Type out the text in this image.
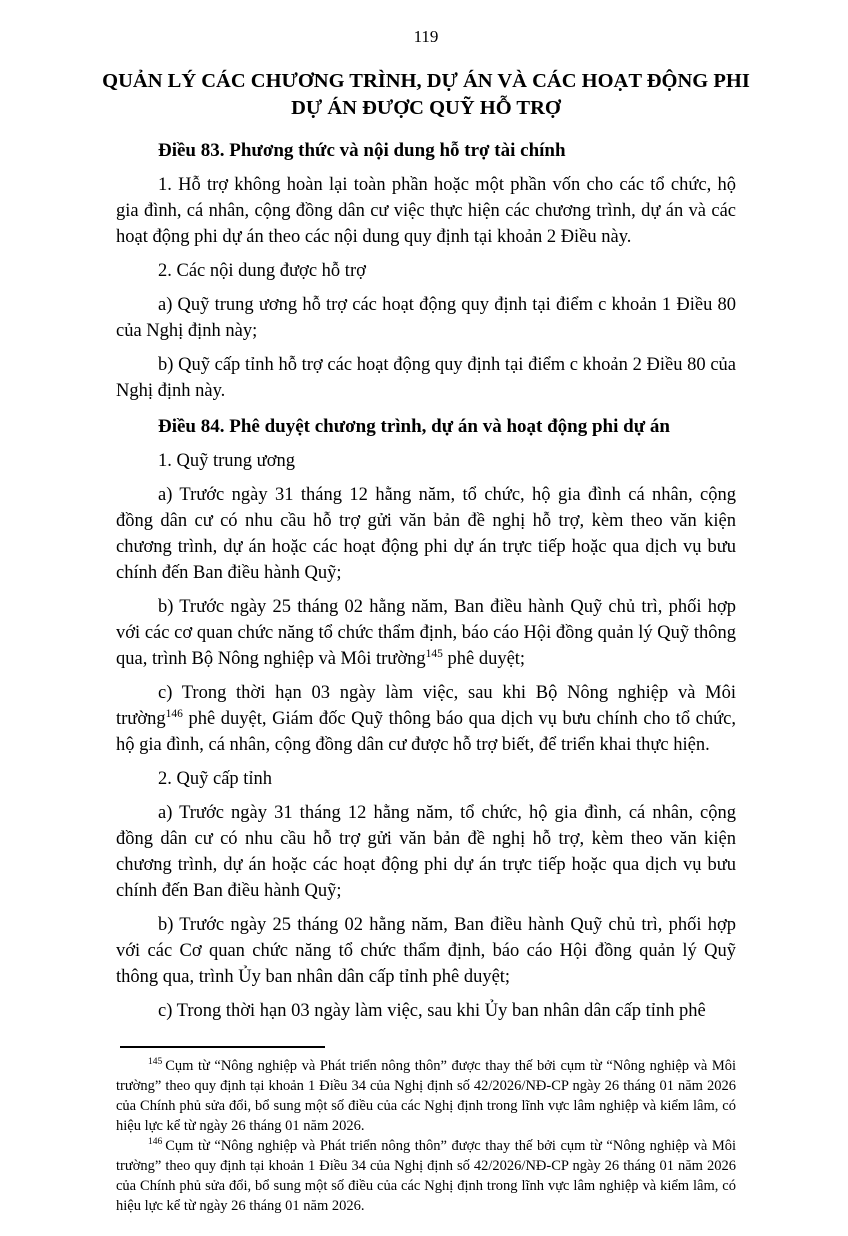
119
QUẢN LÝ CÁC CHƯƠNG TRÌNH, DỰ ÁN VÀ CÁC HOẠT ĐỘNG PHI
DỰ ÁN ĐƯỢC QUỸ HỖ TRỢ
Điều 83. Phương thức và nội dung hỗ trợ tài chính

1. Hỗ trợ không hoàn lại toàn phần hoặc một phần vốn cho các tổ chức, hộ gia đình, cá nhân, cộng đồng dân cư việc thực hiện các chương trình, dự án và các hoạt động phi dự án theo các nội dung quy định tại khoản 2 Điều này.

2. Các nội dung được hỗ trợ

a) Quỹ trung ương hỗ trợ các hoạt động quy định tại điểm c khoản 1 Điều 80 của Nghị định này;

b) Quỹ cấp tỉnh hỗ trợ các hoạt động quy định tại điểm c khoản 2 Điều 80 của Nghị định này.

Điều 84. Phê duyệt chương trình, dự án và hoạt động phi dự án

1. Quỹ trung ương

a) Trước ngày 31 tháng 12 hằng năm, tổ chức, hộ gia đình cá nhân, cộng đồng dân cư có nhu cầu hỗ trợ gửi văn bản đề nghị hỗ trợ, kèm theo văn kiện chương trình, dự án hoặc các hoạt động phi dự án trực tiếp hoặc qua dịch vụ bưu chính đến Ban điều hành Quỹ;

b) Trước ngày 25 tháng 02 hằng năm, Ban điều hành Quỹ chủ trì, phối hợp với các cơ quan chức năng tổ chức thẩm định, báo cáo Hội đồng quản lý Quỹ thông qua, trình Bộ Nông nghiệp và Môi trường$^{145}$ phê duyệt;

c) Trong thời hạn 03 ngày làm việc, sau khi Bộ Nông nghiệp và Môi trường$^{146}$ phê duyệt, Giám đốc Quỹ thông báo qua dịch vụ bưu chính cho tổ chức, hộ gia đình, cá nhân, cộng đồng dân cư được hỗ trợ biết, để triển khai thực hiện.

2. Quỹ cấp tỉnh

a) Trước ngày 31 tháng 12 hằng năm, tổ chức, hộ gia đình, cá nhân, cộng đồng dân cư có nhu cầu hỗ trợ gửi văn bản đề nghị hỗ trợ, kèm theo văn kiện chương trình, dự án hoặc các hoạt động phi dự án trực tiếp hoặc qua dịch vụ bưu chính đến Ban điều hành Quỹ;

b) Trước ngày 25 tháng 02 hằng năm, Ban điều hành Quỹ chủ trì, phối hợp với các Cơ quan chức năng tổ chức thẩm định, báo cáo Hội đồng quản lý Quỹ thông qua, trình Ủy ban nhân dân cấp tỉnh phê duyệt;

c) Trong thời hạn 03 ngày làm việc, sau khi Ủy ban nhân dân cấp tỉnh phê

$^{145}$ Cụm từ “Nông nghiệp và Phát triển nông thôn” được thay thế bởi cụm từ “Nông nghiệp và Môi trường” theo quy định tại khoản 1 Điều 34 của Nghị định số 42/2026/NĐ-CP ngày 26 tháng 01 năm 2026 của Chính phủ sửa đổi, bổ sung một số điều của các Nghị định trong lĩnh vực lâm nghiệp và kiểm lâm, có hiệu lực kể từ ngày 26 tháng 01 năm 2026.

$^{146}$ Cụm từ “Nông nghiệp và Phát triển nông thôn” được thay thế bởi cụm từ “Nông nghiệp và Môi trường” theo quy định tại khoản 1 Điều 34 của Nghị định số 42/2026/NĐ-CP ngày 26 tháng 01 năm 2026 của Chính phủ sửa đổi, bổ sung một số điều của các Nghị định trong lĩnh vực lâm nghiệp và kiểm lâm, có hiệu lực kể từ ngày 26 tháng 01 năm 2026.
